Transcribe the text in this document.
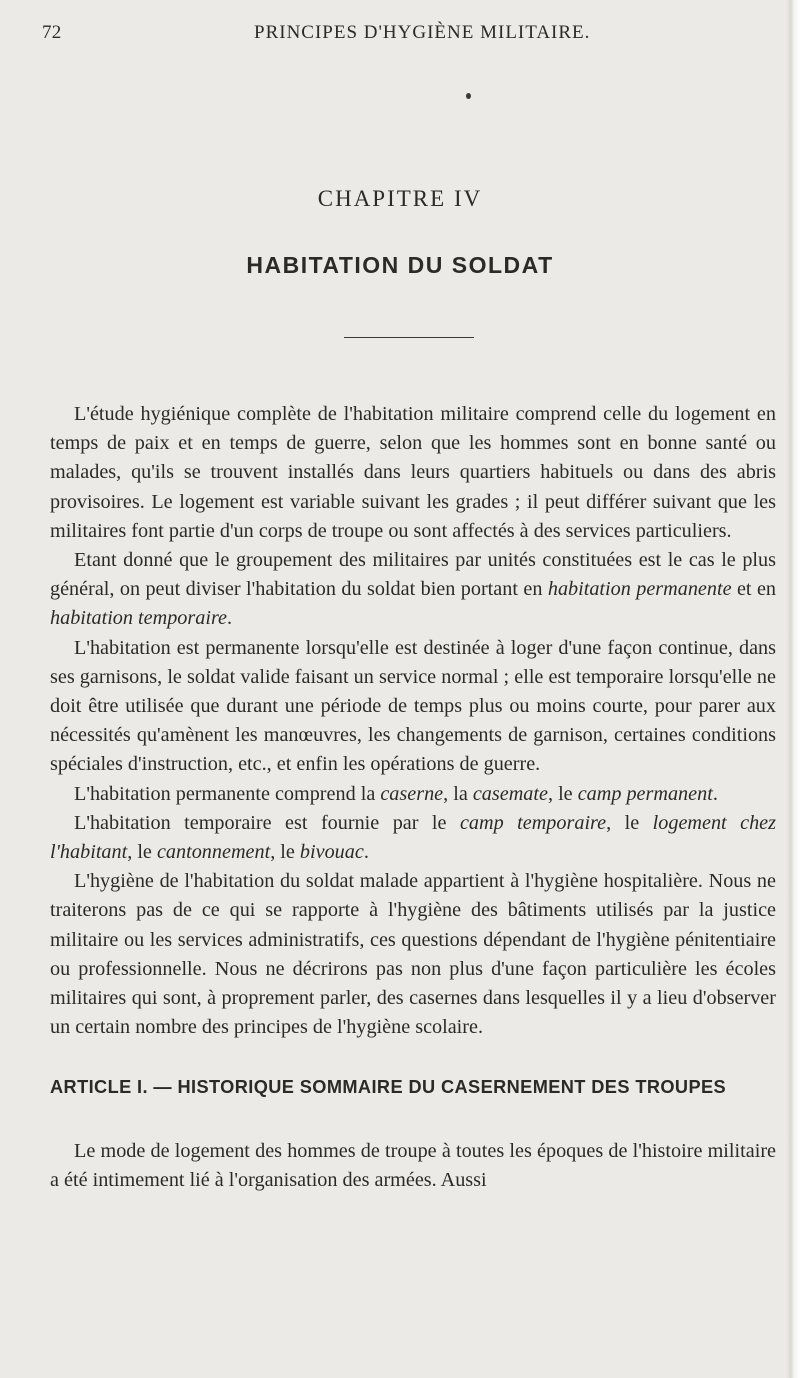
72	PRINCIPES D'HYGIÈNE MILITAIRE.
CHAPITRE IV
HABITATION DU SOLDAT

L'étude hygiénique complète de l'habitation militaire comprend celle du logement en temps de paix et en temps de guerre, selon que les hommes sont en bonne santé ou malades, qu'ils se trouvent installés dans leurs quartiers habituels ou dans des abris provisoires. Le logement est variable suivant les grades ; il peut différer suivant que les militaires font partie d'un corps de troupe ou sont affectés à des services particuliers.

Etant donné que le groupement des militaires par unités constituées est le cas le plus général, on peut diviser l'habitation du soldat bien portant en habitation permanente et en habitation temporaire.

L'habitation est permanente lorsqu'elle est destinée à loger d'une façon continue, dans ses garnisons, le soldat valide faisant un service normal ; elle est temporaire lorsqu'elle ne doit être utilisée que durant une période de temps plus ou moins courte, pour parer aux nécessités qu'amènent les manœuvres, les changements de garnison, certaines conditions spéciales d'instruction, etc., et enfin les opérations de guerre.

L'habitation permanente comprend la caserne, la casemate, le camp permanent.

L'habitation temporaire est fournie par le camp temporaire, le logement chez l'habitant, le cantonnement, le bivouac.

L'hygiène de l'habitation du soldat malade appartient à l'hygiène hospitalière. Nous ne traiterons pas de ce qui se rapporte à l'hygiène des bâtiments utilisés par la justice militaire ou les services administratifs, ces questions dépendant de l'hygiène pénitentiaire ou professionnelle. Nous ne décrirons pas non plus d'une façon particulière les écoles militaires qui sont, à proprement parler, des casernes dans lesquelles il y a lieu d'observer un certain nombre des principes de l'hygiène scolaire.

ARTICLE I. — HISTORIQUE SOMMAIRE DU CASERNEMENT DES TROUPES

Le mode de logement des hommes de troupe à toutes les époques de l'histoire militaire a été intimement lié à l'organisation des armées. Aussi
